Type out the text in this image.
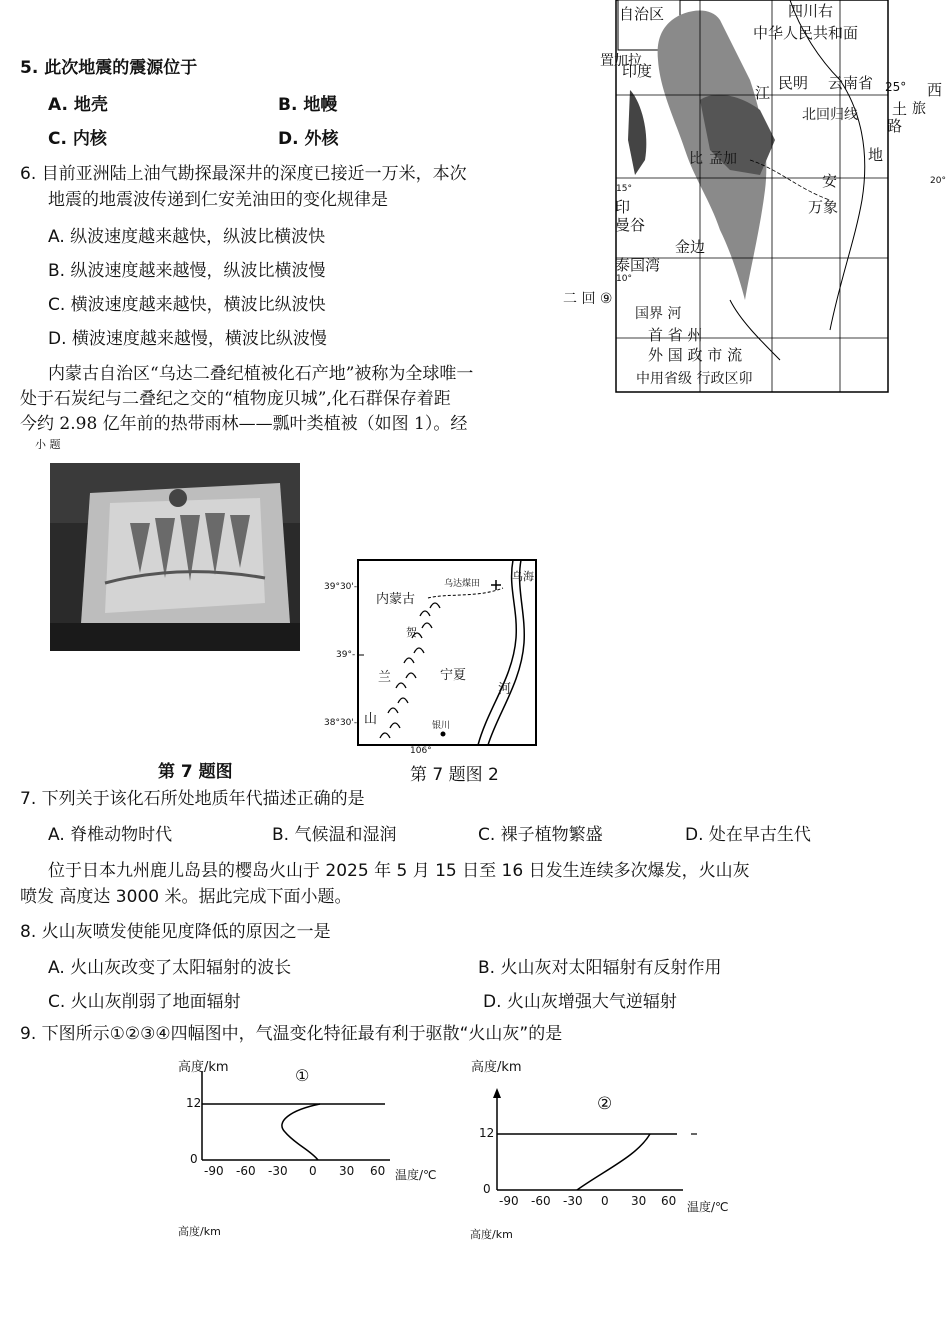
5. 此次地震的震源位于
A. 地壳	B. 地幔
C. 内核	D. 外核
6. 目前亚洲陆上油气勘探最深井的深度已接近一万米，本次
地震的地震波传递到仁安羌油田的变化规律是
A. 纵波速度越来越快，纵波比横波快
B. 纵波速度越来越慢，纵波比横波慢
C. 横波速度越来越快，横波比纵波快
D. 横波速度越来越慢，横波比纵波慢
内蒙古自治区“乌达二叠纪植被化石产地”被称为全球唯一
处于石炭纪与二叠纪之交的“植物庞贝城”,化石群保存着距
今约 2.98 亿年前的热带雨林——瓢叶类植被（如图 1）。经
小 题
39°30'-
39°-
38°30'-
106°
内蒙古
乌达煤田
乌海
贺
兰
山
宁夏
河
银川
第 7 题图	第 7 题图 2
7. 下列关于该化石所处地质年代描述正确的是
A. 脊椎动物时代	B. 气候温和湿润	C. 裸子植物繁盛	D. 处在早古生代
位于日本九州鹿儿岛县的樱岛火山于 2025 年 5 月 15 日至 16 日发生连续多次爆发，火山灰
喷发 高度达 3000 米。据此完成下面小题。
8. 火山灰喷发使能见度降低的原因之一是
A. 火山灰改变了太阳辐射的波长	B. 火山灰对太阳辐射有反射作用
C. 火山灰削弱了地面辐射	D. 火山灰增强大气逆辐射
9. 下图所示①②③④四幅图中，气温变化特征最有利于驱散“火山灰”的是
高度/km	①
12
0
-90 -60 -30 0 30 60 温度/℃
高度/km
②
12
0
-90 -60 -30 0 30 60 温度/℃
高度/km	高度/km
自治区	四川右
中华人民共和面
置加拉
印度
江
民明 云南省 25° 西
土 旅
路
北回归线
地
比 孟加
安
万象
20°
15°
印
曼谷
泰国湾
金边
10°
二 回 ⑨
国界 河
首 省 州
外 国 政 市 流
中用省级 行政区卯
